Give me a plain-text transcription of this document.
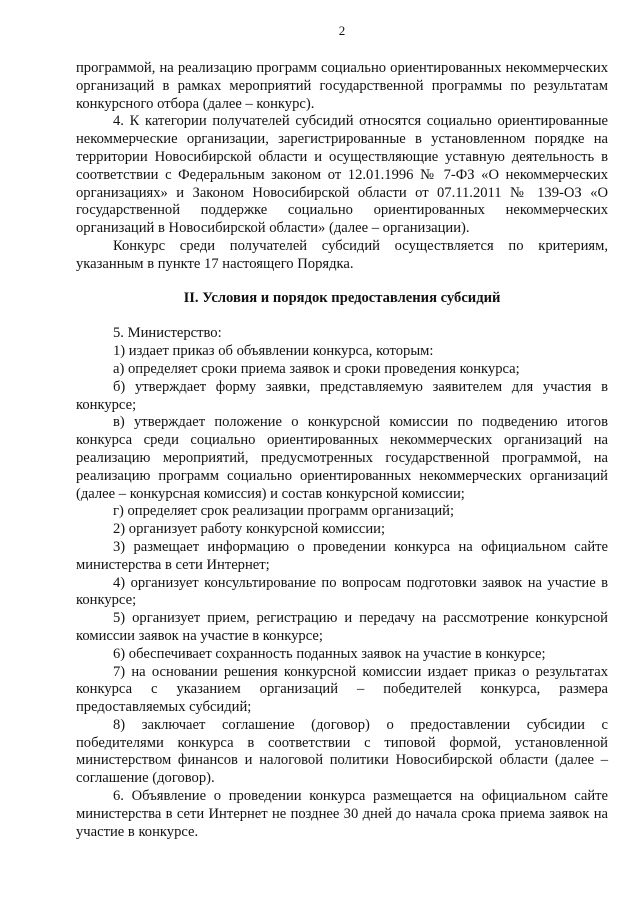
2

программой, на реализацию программ социально ориентированных некоммерческих организаций в рамках мероприятий государственной программы по результатам конкурсного отбора (далее – конкурс).

4. К категории получателей субсидий относятся социально ориентированные некоммерческие организации, зарегистрированные в установленном порядке на территории Новосибирской области и осуществляющие уставную деятельность в соответствии с Федеральным законом от 12.01.1996 № 7-ФЗ «О некоммерческих организациях» и Законом Новосибирской области от 07.11.2011 № 139-ОЗ «О государственной поддержке социально ориентированных некоммерческих организаций в Новосибирской области» (далее – организации).

Конкурс среди получателей субсидий осуществляется по критериям, указанным в пункте 17 настоящего Порядка.

II. Условия и порядок предоставления субсидий

5. Министерство:

1) издает приказ об объявлении конкурса, которым:

а) определяет сроки приема заявок и сроки проведения конкурса;

б) утверждает форму заявки, представляемую заявителем для участия в конкурсе;

в) утверждает положение о конкурсной комиссии по подведению итогов конкурса среди социально ориентированных некоммерческих организаций на реализацию мероприятий, предусмотренных государственной программой, на реализацию программ социально ориентированных некоммерческих организаций (далее – конкурсная комиссия) и состав конкурсной комиссии;

г) определяет срок реализации программ организаций;

2) организует работу конкурсной комиссии;

3) размещает информацию о проведении конкурса на официальном сайте министерства в сети Интернет;

4) организует консультирование по вопросам подготовки заявок на участие в конкурсе;

5) организует прием, регистрацию и передачу на рассмотрение конкурсной комиссии заявок на участие в конкурсе;

6) обеспечивает сохранность поданных заявок на участие в конкурсе;

7) на основании решения конкурсной комиссии издает приказ о результатах конкурса с указанием организаций – победителей конкурса, размера предоставляемых субсидий;

8) заключает соглашение (договор) о предоставлении субсидии с победителями конкурса в соответствии с типовой формой, установленной министерством финансов и налоговой политики Новосибирской области (далее – соглашение (договор).

6. Объявление о проведении конкурса размещается на официальном сайте министерства в сети Интернет не позднее 30 дней до начала срока приема заявок на участие в конкурсе.
